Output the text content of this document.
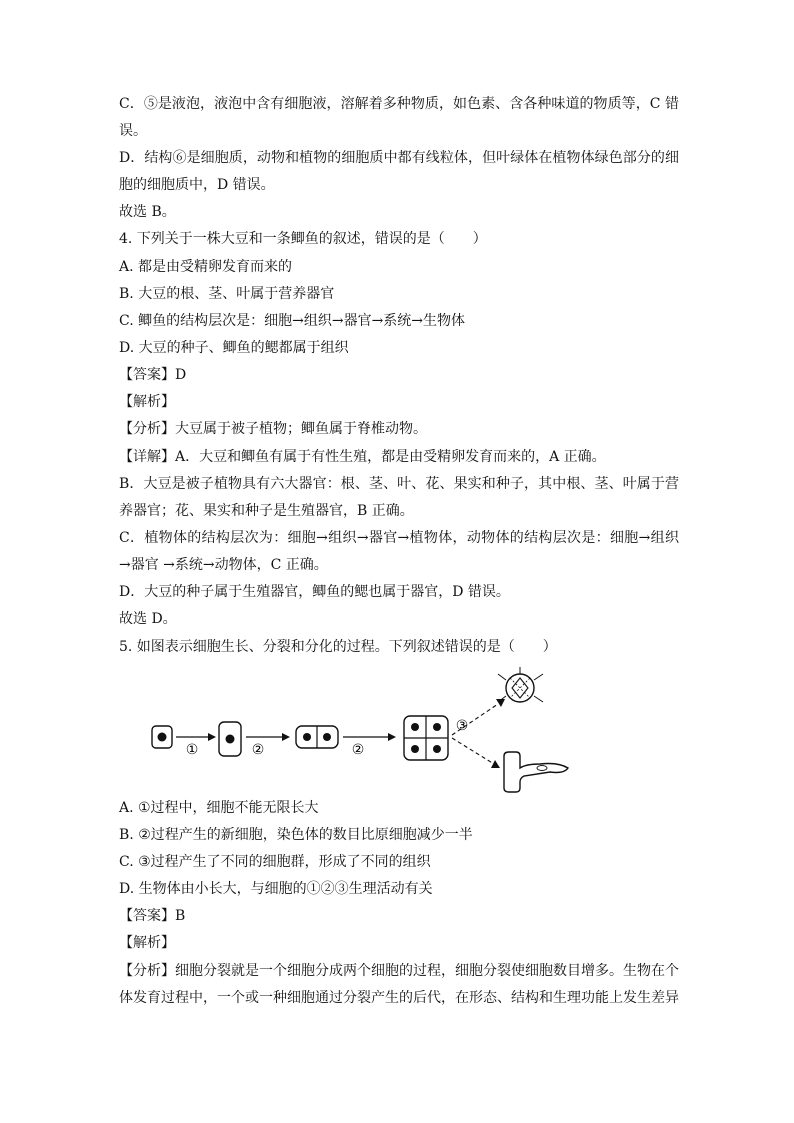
C．⑤是液泡，液泡中含有细胞液，溶解着多种物质，如色素、含各种味道的物质等，C 错
误。
D．结构⑥是细胞质，动物和植物的细胞质中都有线粒体，但叶绿体在植物体绿色部分的细
胞的细胞质中，D 错误。
故选 B。
4. 下列关于一株大豆和一条鲫鱼的叙述，错误的是（　　）
A. 都是由受精卵发育而来的
B. 大豆的根、茎、叶属于营养器官
C. 鲫鱼的结构层次是：细胞→组织→器官→系统→生物体
D. 大豆的种子、鲫鱼的鳃都属于组织
【答案】D
【解析】
【分析】大豆属于被子植物；鲫鱼属于脊椎动物。
【详解】A．大豆和鲫鱼有属于有性生殖，都是由受精卵发育而来的，A 正确。
B．大豆是被子植物具有六大器官：根、茎、叶、花、果实和种子，其中根、茎、叶属于营
养器官；花、果实和种子是生殖器官，B 正确。
C．植物体的结构层次为：细胞→组织→器官→植物体，动物体的结构层次是：细胞→组织
→器官 →系统→动物体，C 正确。
D．大豆的种子属于生殖器官，鲫鱼的鳃也属于器官，D 错误。
故选 D。
5. 如图表示细胞生长、分裂和分化的过程。下列叙述错误的是（　　）
①	②	②
③
A. ①过程中，细胞不能无限长大
B. ②过程产生的新细胞，染色体的数目比原细胞减少一半
C. ③过程产生了不同的细胞群，形成了不同的组织
D. 生物体由小长大，与细胞的①②③生理活动有关
【答案】B
【解析】
【分析】细胞分裂就是一个细胞分成两个细胞的过程，细胞分裂使细胞数目增多。生物在个
体发育过程中，一个或一种细胞通过分裂产生的后代，在形态、结构和生理功能上发生差异
